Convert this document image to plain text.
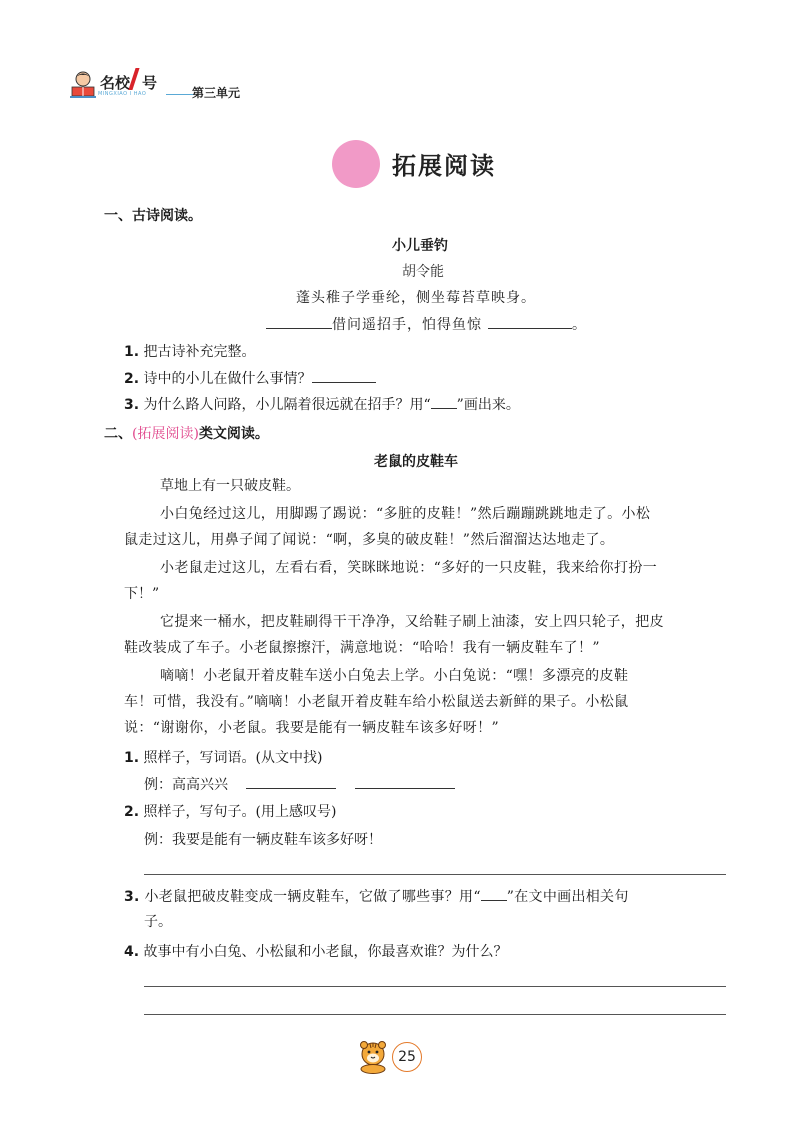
名校 号
MINGXIAO I HAO	第三单元
拓展阅读
一、古诗阅读。
小儿垂钓
胡令能
蓬头稚子学垂纶，侧坐莓苔草映身。
借问遥招手，怕得鱼惊	。
1. 把古诗补充完整。
2. 诗中的小儿在做什么事情？
3. 为什么路人问路，小儿隔着很远就在招手？用“ ”画出来。
二、(拓展阅读)类文阅读。
老鼠的皮鞋车
草地上有一只破皮鞋。
小白兔经过这儿，用脚踢了踢说：“多脏的皮鞋！”然后蹦蹦跳跳地走了。小松
鼠走过这儿，用鼻子闻了闻说：“啊，多臭的破皮鞋！”然后溜溜达达地走了。
小老鼠走过这儿，左看右看，笑眯眯地说：“多好的一只皮鞋，我来给你打扮一
下！”
它提来一桶水，把皮鞋刷得干干净净，又给鞋子刷上油漆，安上四只轮子，把皮
鞋改装成了车子。小老鼠擦擦汗，满意地说：“哈哈！我有一辆皮鞋车了！”
嘀嘀！小老鼠开着皮鞋车送小白兔去上学。小白兔说：“嘿！多漂亮的皮鞋
车！可惜，我没有。”嘀嘀！小老鼠开着皮鞋车给小松鼠送去新鲜的果子。小松鼠
说：“谢谢你，小老鼠。我要是能有一辆皮鞋车该多好呀！”
1. 照样子，写词语。(从文中找)
例：高高兴兴
2. 照样子，写句子。(用上感叹号)
例：我要是能有一辆皮鞋车该多好呀！
3. 小老鼠把破皮鞋变成一辆皮鞋车，它做了哪些事？用“ ”在文中画出相关句
子。
4. 故事中有小白兔、小松鼠和小老鼠，你最喜欢谁？为什么？
25
